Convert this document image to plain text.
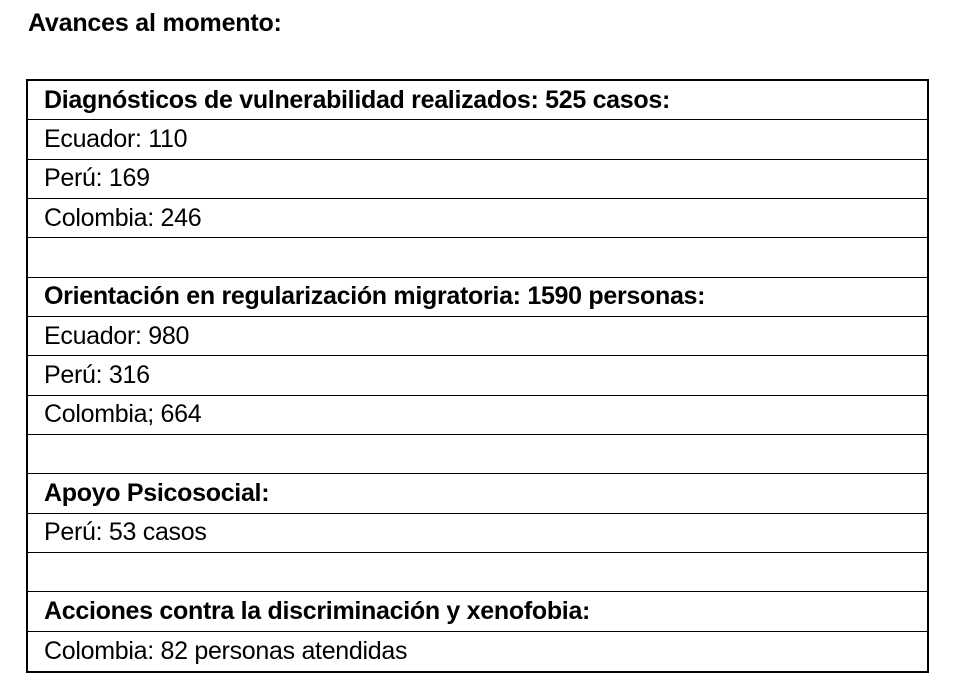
Avances al momento:
Diagnósticos de vulnerabilidad realizados: 525 casos:
Ecuador: 110
Perú: 169
Colombia: 246
Orientación en regularización migratoria: 1590 personas:
Ecuador: 980
Perú: 316
Colombia; 664
Apoyo Psicosocial:
Perú: 53 casos
Acciones contra la discriminación y xenofobia:
Colombia: 82 personas atendidas
